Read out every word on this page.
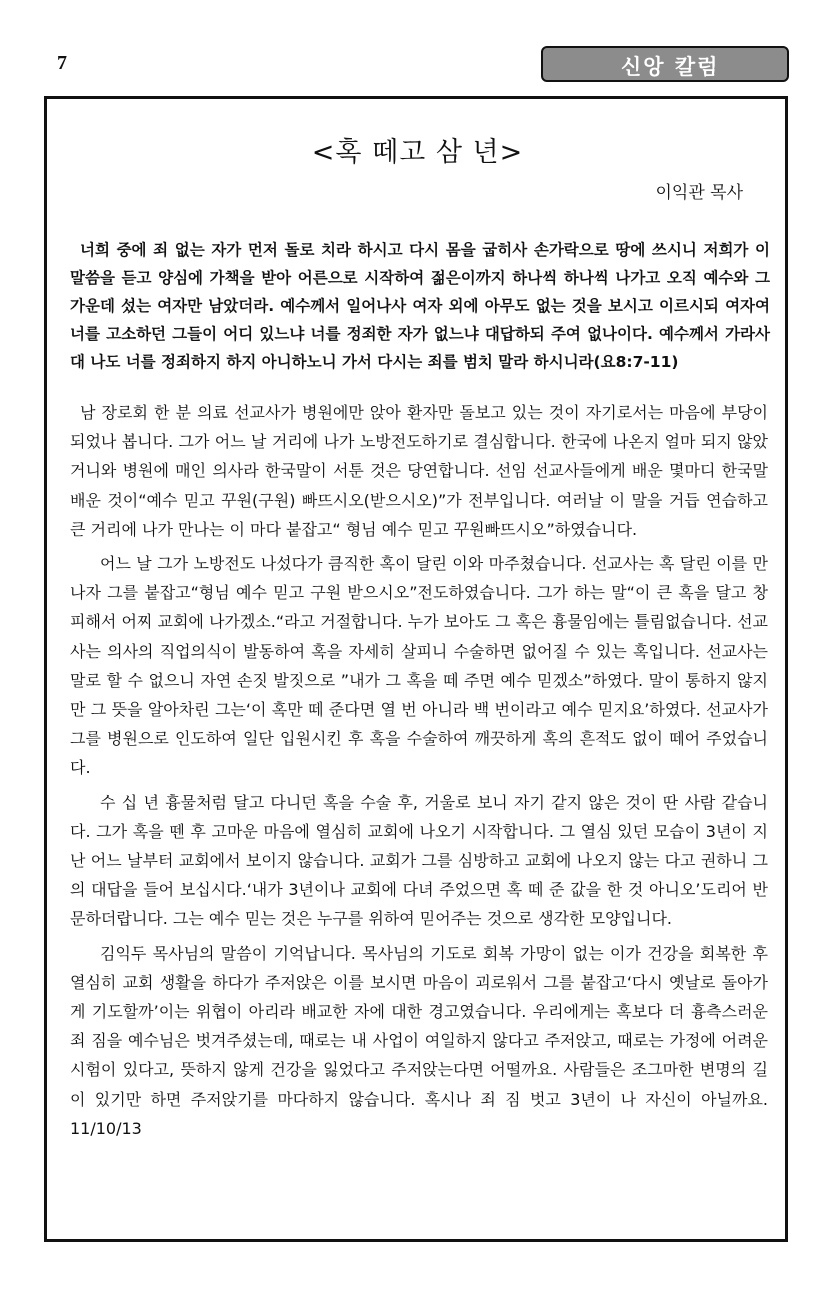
7	신앙 칼럼
<혹 떼고 삼 년>
이익관 목사

너희 중에 죄 없는 자가 먼저 돌로 치라 하시고 다시 몸을 굽히사 손가락으로 땅에 쓰시니 저희가 이 말씀을 듣고 양심에 가책을 받아 어른으로 시작하여 젊은이까지 하나씩 하나씩 나가고 오직 예수와 그 가운데 섰는 여자만 남았더라. 예수께서 일어나사 여자 외에 아무도 없는 것을 보시고 이르시되 여자여 너를 고소하던 그들이 어디 있느냐 너를 정죄한 자가 없느냐 대답하되 주여 없나이다. 예수께서 가라사대 나도 너를 정죄하지 하지 아니하노니 가서 다시는 죄를 범치 말라 하시니라(요8:7-11)

남 장로회 한 분 의료 선교사가 병원에만 앉아 환자만 돌보고 있는 것이 자기로서는 마음에 부당이 되었나 봅니다. 그가 어느 날 거리에 나가 노방전도하기로 결심합니다. 한국에 나온지 얼마 되지 않았거니와 병원에 매인 의사라 한국말이 서툰 것은 당연합니다. 선임 선교사들에게 배운 몇마디 한국말 배운 것이“예수 믿고 꾸원(구원) 빠뜨시오(받으시오)”가 전부입니다. 여러날 이 말을 거듭 연습하고 큰 거리에 나가 만나는 이 마다 붙잡고“ 형님 예수 믿고 꾸원빠뜨시오”하였습니다.

어느 날 그가 노방전도 나섰다가 큼직한 혹이 달린 이와 마주쳤습니다. 선교사는 혹 달린 이를 만나자 그를 붙잡고“형님 예수 믿고 구원 받으시오”전도하였습니다. 그가 하는 말“이 큰 혹을 달고 창피해서 어찌 교회에 나가겠소.“라고 거절합니다. 누가 보아도 그 혹은 흉물임에는 틀림없습니다. 선교사는 의사의 직업의식이 발동하여 혹을 자세히 살피니 수술하면 없어질 수 있는 혹입니다. 선교사는 말로 할 수 없으니 자연 손짓 발짓으로 ”내가 그 혹을 떼 주면 예수 믿겠소”하였다. 말이 통하지 않지만 그 뜻을 알아차린 그는‘이 혹만 떼 준다면 열 번 아니라 백 번이라고 예수 믿지요’하였다. 선교사가 그를 병원으로 인도하여 일단 입원시킨 후 혹을 수술하여 깨끗하게 혹의 흔적도 없이 떼어 주었습니다.

수 십 년 흉물처럼 달고 다니던 혹을 수술 후, 거울로 보니 자기 같지 않은 것이 딴 사람 같습니다. 그가 혹을 뗀 후 고마운 마음에 열심히 교회에 나오기 시작합니다. 그 열심 있던 모습이 3년이 지난 어느 날부터 교회에서 보이지 않습니다. 교회가 그를 심방하고 교회에 나오지 않는 다고 권하니 그의 대답을 들어 보십시다.‘내가 3년이나 교회에 다녀 주었으면 혹 떼 준 값을 한 것 아니오’도리어 반문하더랍니다. 그는 예수 믿는 것은 누구를 위하여 믿어주는 것으로 생각한 모양입니다.

김익두 목사님의 말씀이 기억납니다. 목사님의 기도로 회복 가망이 없는 이가 건강을 회복한 후 열심히 교회 생활을 하다가 주저앉은 이를 보시면 마음이 괴로워서 그를 붙잡고‘다시 옛날로 돌아가게 기도할까’이는 위협이 아리라 배교한 자에 대한 경고였습니다. 우리에게는 혹보다 더 흉측스러운 죄 짐을 예수님은 벗겨주셨는데, 때로는 내 사업이 여일하지 않다고 주저앉고, 때로는 가정에 어려운 시험이 있다고, 뜻하지 않게 건강을 잃었다고 주저앉는다면 어떨까요. 사람들은 조그마한 변명의 길이 있기만 하면 주저앉기를 마다하지 않습니다. 혹시나 죄 짐 벗고 3년이 나 자신이 아닐까요. 11/10/13
